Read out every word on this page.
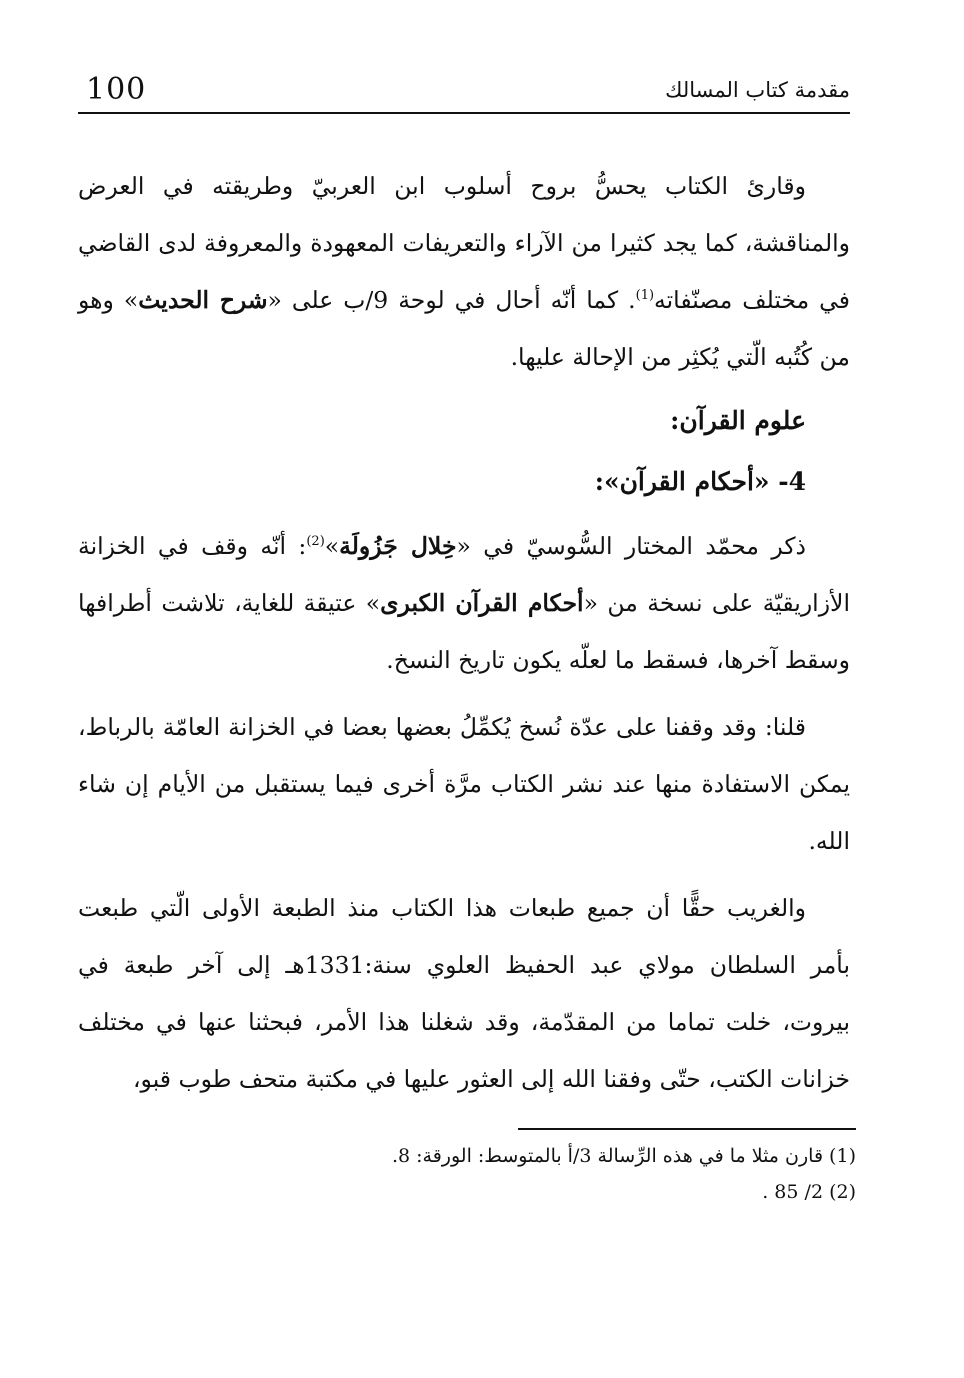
100	مقدمة كتاب المسالك

وقارئ الكتاب يحسُّ بروح أسلوب ابن العربيّ وطريقته في العرض والمناقشة، كما يجد كثيرا من الآراء والتعريفات المعهودة والمعروفة لدى القاضي في مختلف مصنّفاته$^{(1)}$. كما أنّه أحال في لوحة 9/ب على «شرح الحديث» وهو من كُتُبه الّتي يُكثِر من الإحالة عليها.

علوم القرآن:

4- «أحكام القرآن»:

ذكر محمّد المختار السُّوسيّ في «خِلال جَزُولَة»$^{(2)}$: أنّه وقف في الخزانة الأزاريقيّة على نسخة من «أحكام القرآن الكبرى» عتيقة للغاية، تلاشت أطرافها وسقط آخرها، فسقط ما لعلّه يكون تاريخ النسخ.

قلنا: وقد وقفنا على عدّة نُسخ يُكمِّلُ بعضها بعضا في الخزانة العامّة بالرباط، يمكن الاستفادة منها عند نشر الكتاب مرَّة أخرى فيما يستقبل من الأيام إن شاء الله.

والغريب حقًّا أن جميع طبعات هذا الكتاب منذ الطبعة الأولى الّتي طبعت بأمر السلطان مولاي عبد الحفيظ العلوي سنة:1331هـ إلى آخر طبعة في بيروت، خلت تماما من المقدّمة، وقد شغلنا هذا الأمر، فبحثنا عنها في مختلف خزانات الكتب، حتّى وفقنا الله إلى العثور عليها في مكتبة متحف طوب قبو،

(1) قارن مثلا ما في هذه الرِّسالة 3/أ بالمتوسط: الورقة: 8.

(2) 2/ 85 .
